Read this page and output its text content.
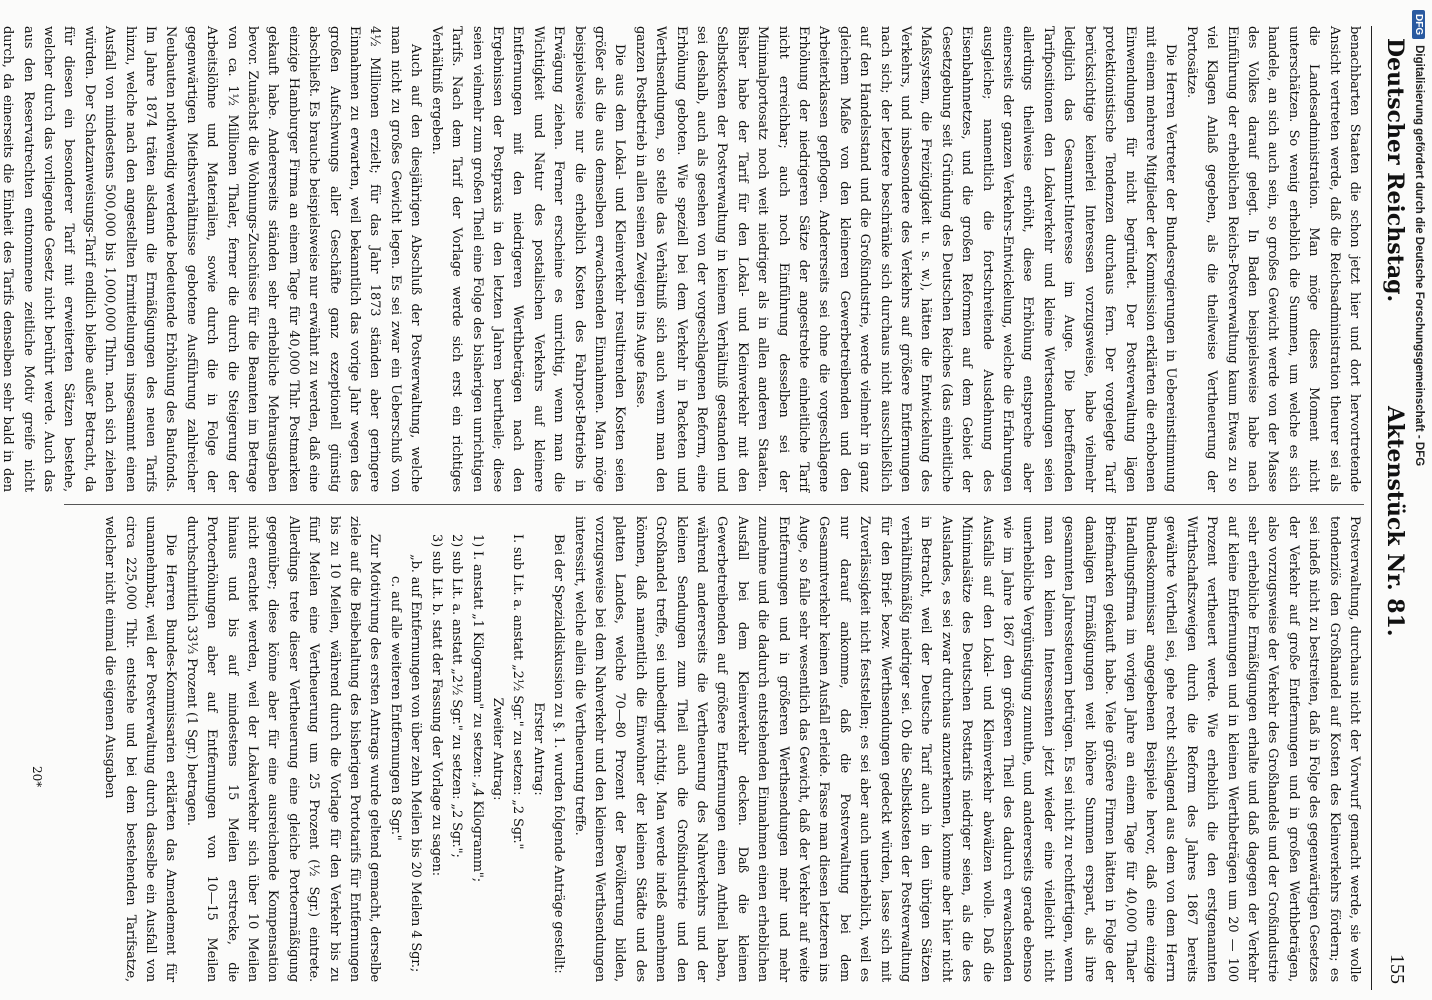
Deutscher Reichstag.
Aktenstück Nr. 81.
155

benachbarten Staaten die schon jetzt hier und dort hervortretende Ansicht vertreten werde, daß die Reichsadministration theurer sei als die Landesadministration. Man möge dieses Moment nicht unterschätzen. So wenig erheblich die Summen, um welche es sich handele, an sich auch sein, so großes Gewicht werde von der Masse des Volkes darauf gelegt. In Baden beispielsweise habe nach Einführung der erheblichen Reichs-Postverwaltung kaum Etwas zu so viel Klagen Anlaß gegeben, als die theilweise Vertheuerung der Portosätze.

Die Herren Vertreter der Bundesregierungen in Uebereinstimmung mit einem mehrere Mitglieder der Kommission erklärten die erhobenen Einwendungen für nicht begründet. Der Postverwaltung lägen protektionistische Tendenzen durchaus fern. Der vorgelegte Tarif berücksichtige keinerlei Interessen vorzugsweise, habe vielmehr lediglich das Gesammt-Interesse im Auge. Die betreffenden Tarifpositionen den Lokalverkehr und kleine Wertsendungen seien allerdings theilweise erhöht, diese Erhöhung entspreche aber einerseits der ganzen Verkehrs-Entwickelung, welche die Erfahrungen ausgleiche; namentlich die fortschreitende Ausdehnung des Eisenbahnnetzes, und die großen Reformen auf dem Gebiet der Gesetzgebung seit Gründung des Deutschen Reiches (das einheitliche Maßsystem, die Freizügigkeit u. s. w.), hätten die Entwickelung des Verkehrs, und insbesondere des Verkehrs auf größere Entfernungen nach sich; der letztere beschränke sich durchaus nicht ausschließlich auf den Handelsstand und die Großindustrie, werde vielmehr in ganz gleichem Maße von den kleineren Gewerbetreibenden und den Arbeiterklassen gepflogen. Andererseits sei ohne die vorgeschlagene Erhöhung der niedrigeren Sätze der angestrebte einheitliche Tarif nicht erreichbar; auch noch Einführung desselben sei der Minimalportosatz noch weit niedriger als in allen anderen Staaten. Bisher habe der Tarif für den Lokal- und Kleinverkehr mit den Selbstkosten der Postverwaltung in keinem Verhältniß gestanden und sei deshalb, auch als gesehen von der vorgeschlagenen Reform, eine Erhöhung geboten. Wie speziell bei dem Verkehr in Packeten und Werthsendungen, so stelle das Verhältniß sich auch wenn man den ganzen Postbetrieb in allen seinen Zweigen ins Auge fasse.

Die aus dem Lokal- und Kleinverkehr resultirenden Kosten seien größer als die aus demselben erwachsenden Einnahmen. Man möge beispielsweise nur die erheblich Kosten des Fahrpost-Betriebs in Erwägung ziehen. Ferner erscheine es unrichtig, wenn man die Wichtigkeit und Natur des postalischen Verkehrs auf kleinere Entfernungen mit den niedrigeren Werthbeträgen nach den Ergebnissen der Postpraxis in den letzten Jahren beurtheile; diese seien vielmehr zum großen Theil eine Folge des bisherigen unrichtigen Tarifs. Nach dem Tarif der Vorlage werde sich erst ein richtiges Verhältniß ergeben.

Auch auf den diesjährigen Abschluß der Postverwaltung, welche man nicht zu großes Gewicht legen. Es sei zwar ein Ueberschuß von 4½ Millionen erzielt; für das Jahr 1873 ständen aber geringere Einnahmen zu erwarten, weil bekanntlich das vorige Jahr wegen des großen Aufschwungs aller Geschäfte ganz exzeptionell günstig abschließt. Es brauche beispielsweise nur erwähnt zu werden, daß eine einzige Hamburger Firma an einem Tage für 40,000 Thlr. Postmarken gekauft habe. Andererseits ständen sehr erhebliche Mehrausgaben bevor. Zunächst die Wohnungs-Zuschüsse für die Beamten im Betrage von ca. 1½ Millionen Thaler, ferner die durch die Steigerung der Arbeitslöhne und Materialien, sowie durch die in Folge der gegenwärtigen Miethsverhältnisse gebotene Ausführung zahlreicher Neubauten nothwendig werdende bedeutende Erhöhung des Baufonds. Im Jahre 1874 träten alsdann die Ermäßigungen des neuen Tarifs hinzu, welche nach den angestellten Ermittelungen insgesammt einen Ausfall von mindestens 500,000 bis 1,000,000 Thlrn. nach sich ziehen würden. Der Schatzanweisungs-Tarif endlich bleibe außer Betracht, da für diesen ein besonderer Tarif mit erweiterten Sätzen bestehe, welcher durch das vorliegende Gesetz nicht berührt werde. Auch das aus den Reservatrechten entnommene zeitliche Motiv greife nicht durch, da einerseits die Einheit des Tarifs denselben sehr bald in den

Postverwaltung, durchaus nicht der Vorwurf gemacht werde, sie wolle tendenziös den Großhandel auf Kosten des Kleinverkehrs fördern; es sei indeß nicht zu bestreiten, daß in Folge des gegenwärtigen Gesetzes der Verkehr auf große Entfernungen und in großen Werthbeträgen, also vorzugsweise der Verkehr des Großhandels und der Großindustrie sehr erhebliche Ermäßigungen erhalte und daß dagegen der Verkehr auf kleine Entfernungen und in kleinen Werthbeträgen um 20 — 100 Prozent vertheuert werde. Wie erheblich die den erstgenannten Wirthschaftszweigen durch die Reform des Jahres 1867 bereits gewährte Vortheil sei, gehe recht schlagend aus dem von dem Herrn Bundeskommissar angegebenen Beispiele hervor, daß eine einzige Handlungsfirma im vorigen Jahre an einem Tage für 40,000 Thaler Briefmarken gekauft habe. Viele größere Firmen hätten in Folge der damaligen Ermäßigungen weit höhere Summen erspart, als ihre gesammten Jahressteuern betrügen. Es sei nicht zu rechtfertigen, wenn man den kleinen Interessenten jetzt wieder eine vielleicht nicht unerhebliche Vergünstigung zumuthe, und andererseits gerade ebenso wie im Jahre 1867 den größeren Theil des dadurch erwachsenden Ausfalls auf den Lokal- und Kleinverkehr abwälzen wolle. Daß die Minimalsätze des Deutschen Posttarifs niedriger seien, als die des Auslandes, es sei zwar durchaus anzuerkennen, komme aber hier nicht in Betracht, weil der Deutsche Tarif auch in den übrigen Sätzen verhältnißmäßig niedriger sei. Ob die Selbstkosten der Postverwaltung für den Brief- bezw. Werthsendungen gedeckt würden, lasse sich mit Zuverlässigkeit nicht feststellen; es sei aber auch unerheblich, weil es nur darauf ankomme, daß die Postverwaltung bei dem Gesammtverkehr keinen Ausfall erleide. Fasse man diesen letzteren ins Auge, so falle sehr wesentlich das Gewicht, daß der Verkehr auf weite Entfernungen und in größeren Werthsendungen mehr und mehr zunehme und die dadurch entstehenden Einnahmen einen erheblichen Ausfall bei dem Kleinverkehr decken. Daß die kleinen Gewerbetreibenden auf größere Entfernungen einen Antheil haben, während andererseits die Vertheuerung des Nahverkehrs und der kleinen Sendungen zum Theil auch die Großindustrie und den Großhandel treffe, sei unbedingt richtig. Man werde indeß annehmen können, daß namentlich die Einwohner der kleinen Städte und des platten Landes, welche 70—80 Prozent der Bevölkerung bilden, vorzugsweise bei dem Nahverkehr und den kleineren Werthsendungen interessirt, welche allein die Vertheuerung treffe.

Bei der Spezialdiskussion zu §. 1. wurden folgende Anträge gestellt:

Erster Antrag:

I. sub Lit. a. anstatt „2½ Sgr." zu setzen: „2 Sgr."

Zweiter Antrag:

1) I. anstatt „1 Kilogramm" zu setzen: „4 Kilogramm";

2) sub Lit. a. anstatt „2½ Sgr." zu setzen: „2 Sgr.";

3) sub Lit. b. statt der Fassung der Vorlage zu sagen:

„b. auf Entfernungen von über zehn Meilen bis 20 Meilen 4 Sgr.;

c. auf alle weiteren Entfernungen 8 Sgr."

Zur Motivirung des ersten Antrags wurde geltend gemacht, derselbe ziele auf die Beibehaltung des bisherigen Portotarifs für Entfernungen bis zu 10 Meilen, während durch die Vorlage für den Verkehr bis zu fünf Meilen eine Vertheuerung um 25 Prozent (½ Sgr.) eintrete. Allerdings trete dieser Vertheuerung eine gleiche Portoermäßigung gegenüber; diese könne aber für eine ausreichende Kompensation nicht erachtet werden, weil der Lokalverkehr sich über 10 Meilen hinaus und bis auf mindestens 15 Meilen erstrecke, die Portoerhöhungen aber auf Entfernungen von 10—15 Meilen durchschnittlich 33⅓ Prozent (1 Sgr.) betragen.

Die Herren Bundes-Kommissarien erklärten das Amendement für unannehmbar, weil der Postverwaltung durch dasselbe ein Ausfall von circa 225,000 Thlr. entstehe und bei dem bestehenden Tarifsatze, welcher nicht einmal die eigenen Ausgaben

20*
DFGDigitalisierung gefördert durch die Deutsche Forschungsgemeinschaft - DFG
